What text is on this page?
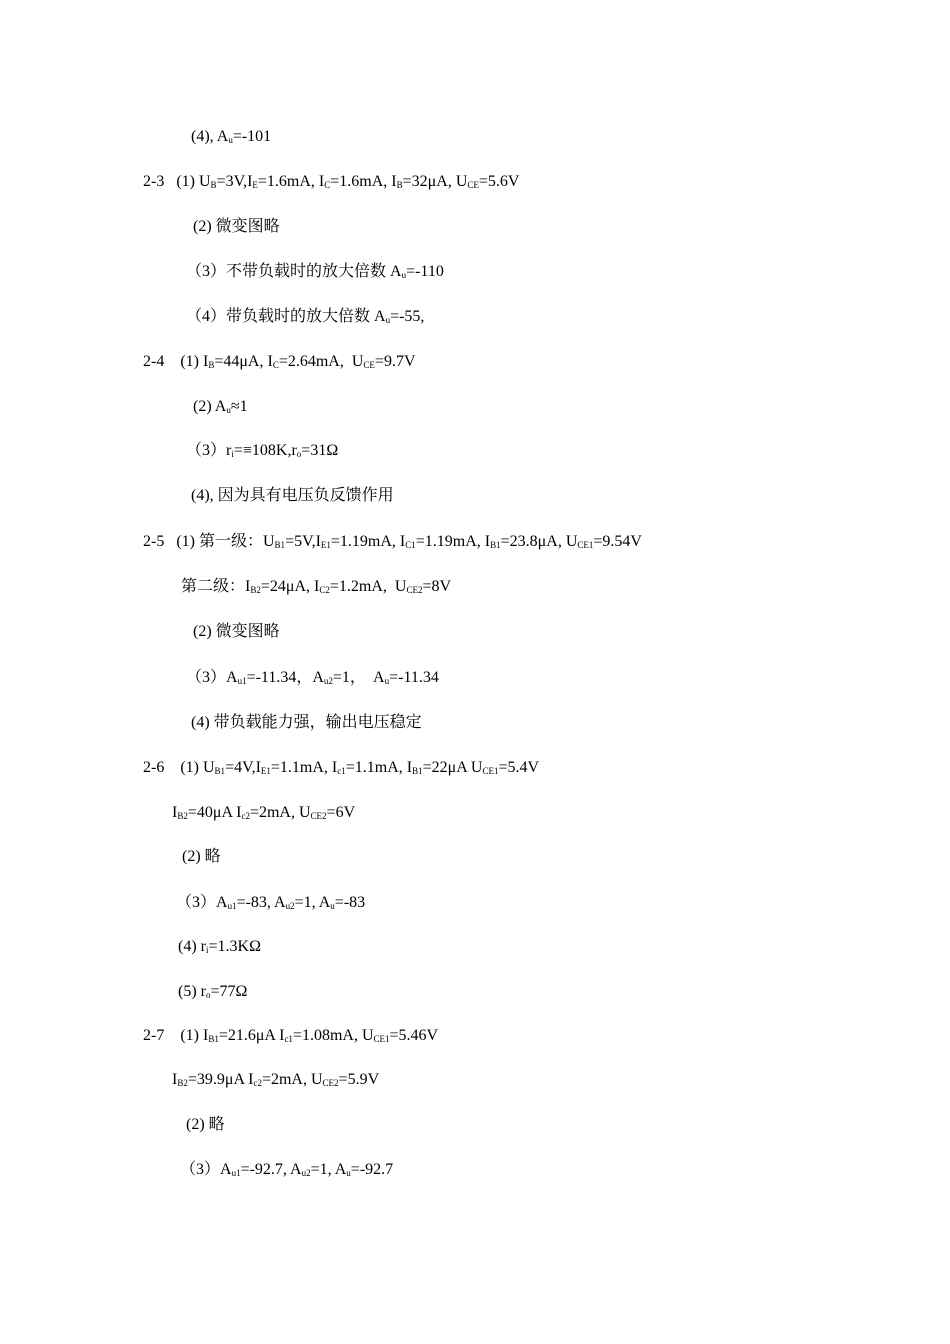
(4), $A_u=-101$
2-3   (1) $U_B=3V,I_E=1.6mA$, $I_C=1.6mA$, $I_B=32\mu A$, $U_{CE}=5.6V$
(2) 微变图略
（3）不带负载时的放大倍数 $A_u=-110$
（4）带负载时的放大倍数 $A_u=-55$,
2-4    (1) $I_B=44\mu A$, $I_C=2.64mA$,  $U_{CE}=9.7V$
(2) $A_u\approx 1$
$(3)r_i=\equiv 108K,r_o=31\Omega$
(4), 因为具有电压负反馈作用
2-5   (1) 第一级：$U_{B1}=5V,I_{E1}=1.19mA$, $I_{C1}=1.19mA$, $I_{B1}=23.8\mu A$, $U_{CE1}=9.54V$
第二级：$I_{B2}=24\mu A$, $I_{C2}=1.2mA$,  $U_{CE2}=8V$
(2) 微变图略
$(3)A_{u1}=-11.34$，$A_{u2}=1$，  $A_u=-11.34$
(4) 带负载能力强，输出电压稳定
2-6    (1) $U_{B1}=4V,I_{E1}=1.1mA$, $I_{c1}=1.1mA$, $I_{B1}=22\mu A$ $U_{CE1}=5.4V$
$I_{B2}=40\mu A$ $I_{c2}=2mA$, $U_{CE2}=6V$
(2) 略
$(3)A_{u1}=-83$, $A_{u2}=1$, $A_u=-83$
(4) $r_i=1.3K\Omega$
(5) $r_o=77\Omega$
2-7    (1) $I_{B1}=21.6\mu A$ $I_{c1}=1.08mA$, $U_{CE1}=5.46V$
$I_{B2}=39.9\mu A$ $I_{c2}=2mA$, $U_{CE2}=5.9V$
(2) 略
$(3)A_{u1}=-92.7$, $A_{u2}=1$, $A_u=-92.7$
